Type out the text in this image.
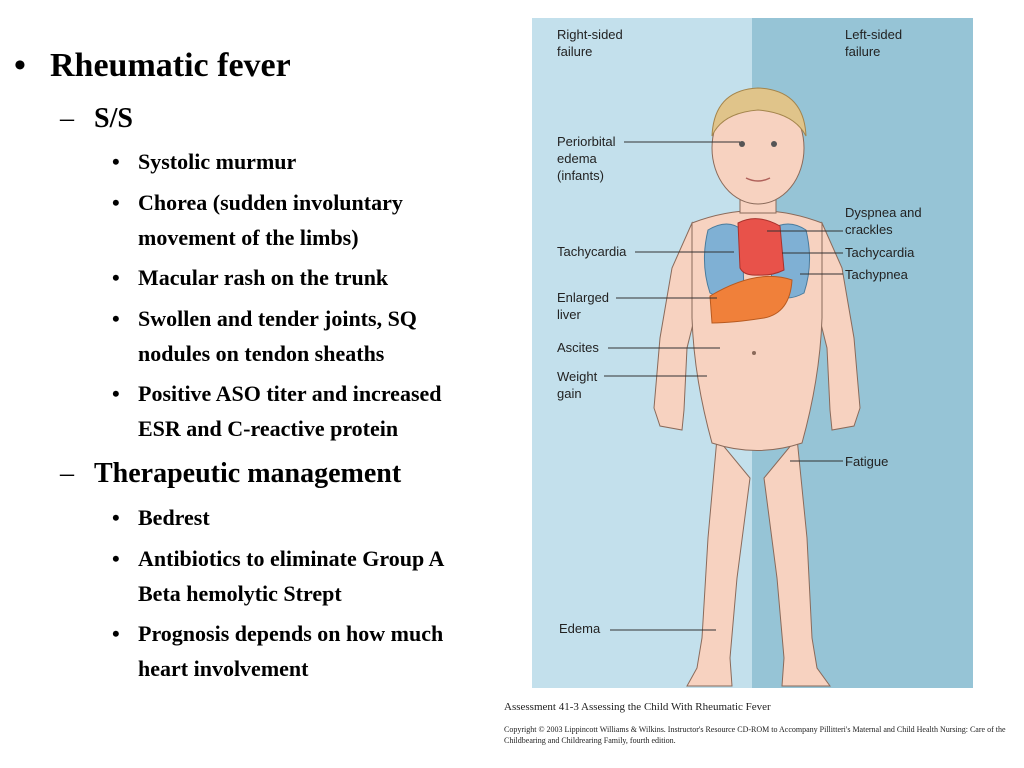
• Rheumatic fever
– S/S
• Systolic murmur
• Chorea (sudden involuntary
movement of the limbs)
• Macular rash on the trunk
• Swollen and tender joints, SQ
nodules on tendon sheaths
• Positive ASO titer and increased
ESR and C-reactive protein
– Therapeutic management
• Bedrest
• Antibiotics to eliminate Group A
Beta hemolytic Strept
• Prognosis depends on how much
heart involvement
Right-sided
failure
Left-sided
failure
Periorbital
edema
(infants)
Tachycardia
Enlarged
liver
Ascites
Weight
gain
Edema
Dyspnea and
crackles
Tachycardia
Tachypnea
Fatigue
Assessment 41-3 Assessing the Child With Rheumatic Fever
Copyright © 2003 Lippincott Williams & Wilkins. Instructor's Resource CD-ROM to Accompany Pillitteri's Maternal and Child Health Nursing: Care of the Childbearing and Childrearing Family, fourth edition.
